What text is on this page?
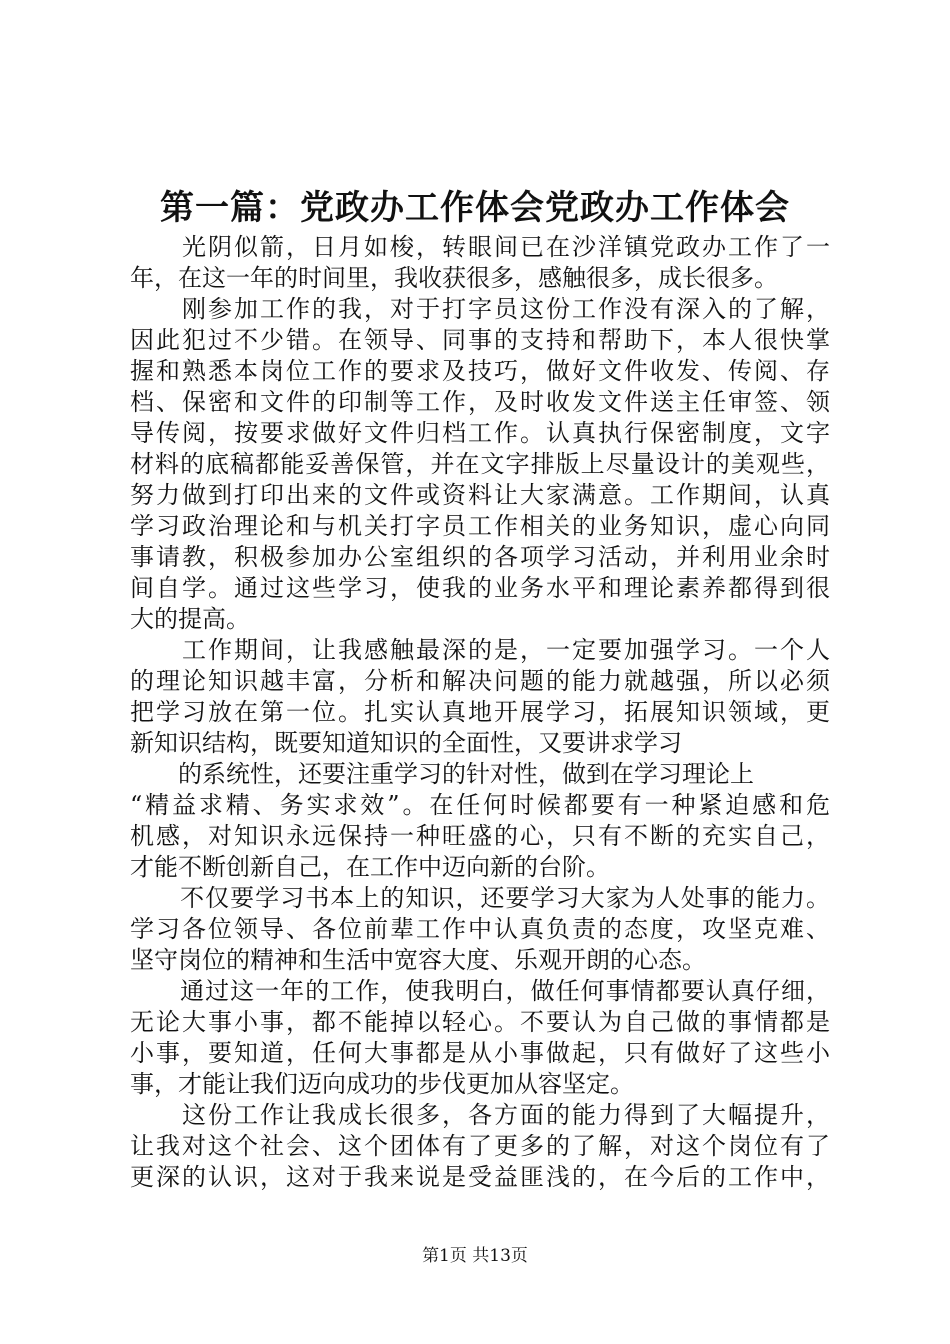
第一篇：党政办工作体会党政办工作体会
　　光阴似箭，日月如梭，转眼间已在沙洋镇党政办工作了一
年，在这一年的时间里，我收获很多，感触很多，成长很多。
　　刚参加工作的我，对于打字员这份工作没有深入的了解，
因此犯过不少错。在领导、同事的支持和帮助下，本人很快掌
握和熟悉本岗位工作的要求及技巧，做好文件收发、传阅、存
档、保密和文件的印制等工作，及时收发文件送主任审签、领
导传阅，按要求做好文件归档工作。认真执行保密制度，文字
材料的底稿都能妥善保管，并在文字排版上尽量设计的美观些，
努力做到打印出来的文件或资料让大家满意。工作期间，认真
学习政治理论和与机关打字员工作相关的业务知识，虚心向同
事请教，积极参加办公室组织的各项学习活动，并利用业余时
间自学。通过这些学习，使我的业务水平和理论素养都得到很
大的提高。
　　工作期间，让我感触最深的是，一定要加强学习。一个人
的理论知识越丰富，分析和解决问题的能力就越强，所以必须
把学习放在第一位。扎实认真地开展学习，拓展知识领域，更
新知识结构，既要知道知识的全面性，又要讲求学习
　　的系统性，还要注重学习的针对性，做到在学习理论上
“精益求精、务实求效”。在任何时候都要有一种紧迫感和危
机感，对知识永远保持一种旺盛的心，只有不断的充实自己，
才能不断创新自己，在工作中迈向新的台阶。
　　不仅要学习书本上的知识，还要学习大家为人处事的能力。
学习各位领导、各位前辈工作中认真负责的态度，攻坚克难、
坚守岗位的精神和生活中宽容大度、乐观开朗的心态。
　　通过这一年的工作，使我明白，做任何事情都要认真仔细，
无论大事小事，都不能掉以轻心。不要认为自己做的事情都是
小事，要知道，任何大事都是从小事做起，只有做好了这些小
事，才能让我们迈向成功的步伐更加从容坚定。
　　这份工作让我成长很多，各方面的能力得到了大幅提升，
让我对这个社会、这个团体有了更多的了解，对这个岗位有了
更深的认识，这对于我来说是受益匪浅的，在今后的工作中，
第1页 共13页
